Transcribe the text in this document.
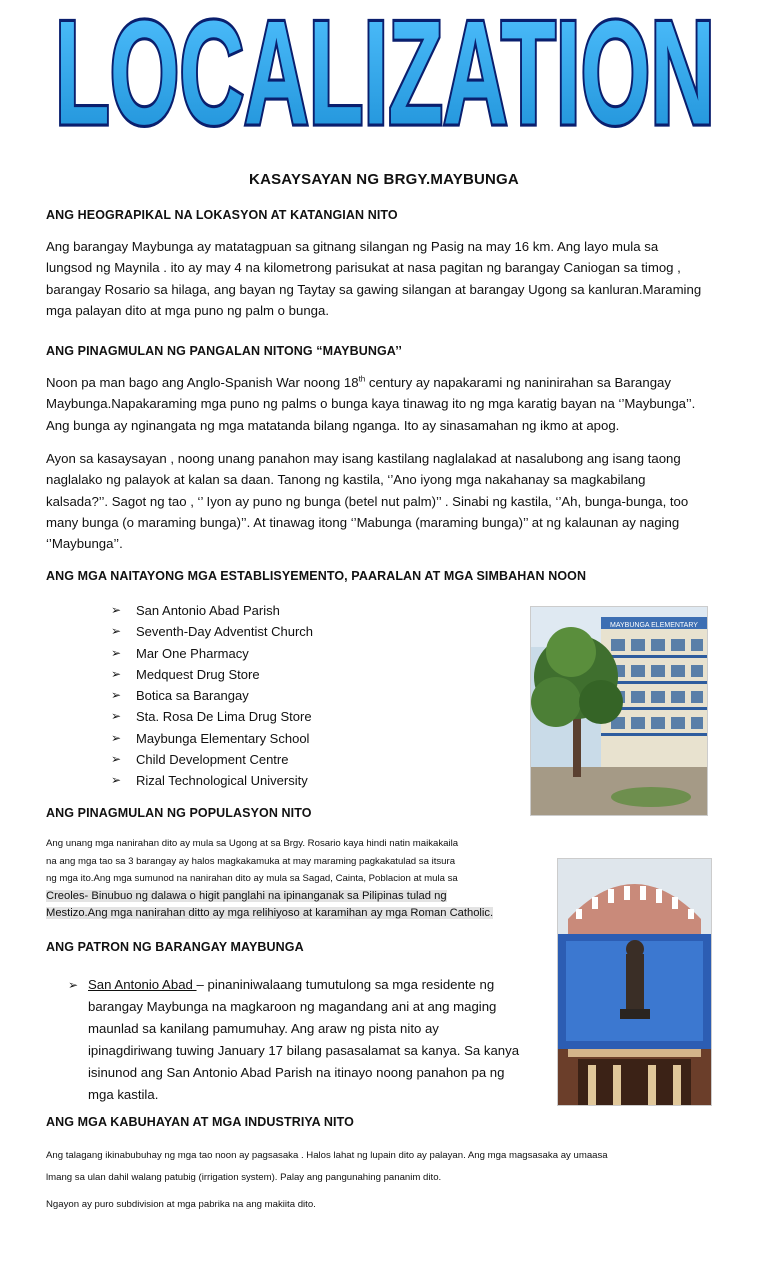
LOCALIZATION
KASAYSAYAN NG BRGY.MAYBUNGA
ANG HEOGRAPIKAL NA LOKASYON AT KATANGIAN NITO

Ang barangay Maybunga ay matatagpuan sa gitnang silangan ng Pasig na may 16 km. Ang layo mula sa
lungsod ng Maynila . ito ay may 4 na kilometrong parisukat at nasa pagitan ng barangay Caniogan sa timog ,
barangay Rosario sa hilaga, ang bayan ng Taytay sa gawing silangan at barangay Ugong sa kanluran.Maraming
mga palayan dito at mga puno ng palm o bunga.

ANG PINAGMULAN NG PANGALAN NITONG “MAYBUNGA’’

Noon pa man bago ang Anglo-Spanish War noong 18th century ay napakarami ng naninirahan sa Barangay
Maybunga.Napakaraming mga puno ng palms o bunga kaya tinawag ito ng mga karatig bayan na ‘’Maybunga’’.
Ang bunga ay nginangata ng mga matatanda bilang nganga. Ito ay sinasamahan ng ikmo at apog.

Ayon sa kasaysayan , noong unang panahon may isang kastilang naglalakad at nasalubong ang isang taong
naglalako ng palayok at kalan sa daan. Tanong ng kastila, ‘’Ano iyong mga nakahanay sa magkabilang
kalsada?’’. Sagot ng tao , ‘’ Iyon ay puno ng bunga (betel nut palm)’’ . Sinabi ng kastila, ‘’Ah, bunga-bunga, too
many bunga (o maraming bunga)’’. At tinawag itong ‘’Mabunga (maraming bunga)’’ at ng kalaunan ay naging
‘’Maybunga’’.

ANG MGA NAITAYONG MGA ESTABLISYEMENTO, PAARALAN AT MGA SIMBAHAN NOON
➢ San Antonio Abad Parish
➢ Seventh-Day Adventist Church
➢ Mar One Pharmacy
➢ Medquest Drug Store
➢ Botica sa Barangay
➢ Sta. Rosa De Lima Drug Store
➢ Maybunga Elementary School
➢ Child Development Centre
➢ Rizal Technological University
MAYBUNGA ELEMENTARY
ANG PINAGMULAN NG POPULASYON NITO

Ang unang mga nanirahan dito ay mula sa Ugong at sa Brgy. Rosario kaya hindi natin maikakaila
na ang mga tao sa 3 barangay ay halos magkakamuka at may maraming pagkakatulad sa itsura
ng mga ito.Ang mga sumunod na nanirahan dito ay mula sa Sagad, Cainta, Poblacion at mula sa
Creoles- Binubuo ng dalawa o higit panglahi na ipinanganak sa Pilipinas tulad ng
Mestizo.Ang mga nanirahan ditto ay mga relihiyoso at karamihan ay mga Roman Catholic.

ANG PATRON NG BARANGAY MAYBUNGA

➢ San Antonio Abad – pinaniniwalaang tumutulong sa mga residente ng
barangay Maybunga na magkaroon ng magandang ani at ang maging
maunlad sa kanilang pamumuhay. Ang araw ng pista nito ay
ipinagdiriwang tuwing January 17 bilang pasasalamat sa kanya. Sa kanya
isinunod ang San Antonio Abad Parish na itinayo noong panahon pa ng
mga kastila.

ANG MGA KABUHAYAN AT MGA INDUSTRIYA NITO

Ang talagang ikinabubuhay ng mga tao noon ay pagsasaka . Halos lahat ng lupain dito ay palayan. Ang mga magsasaka ay umaasa
lmang sa ulan dahil walang patubig (irrigation system). Palay ang pangunahing pananim dito.

Ngayon ay puro subdivision at mga pabrika na ang makiita dito.
